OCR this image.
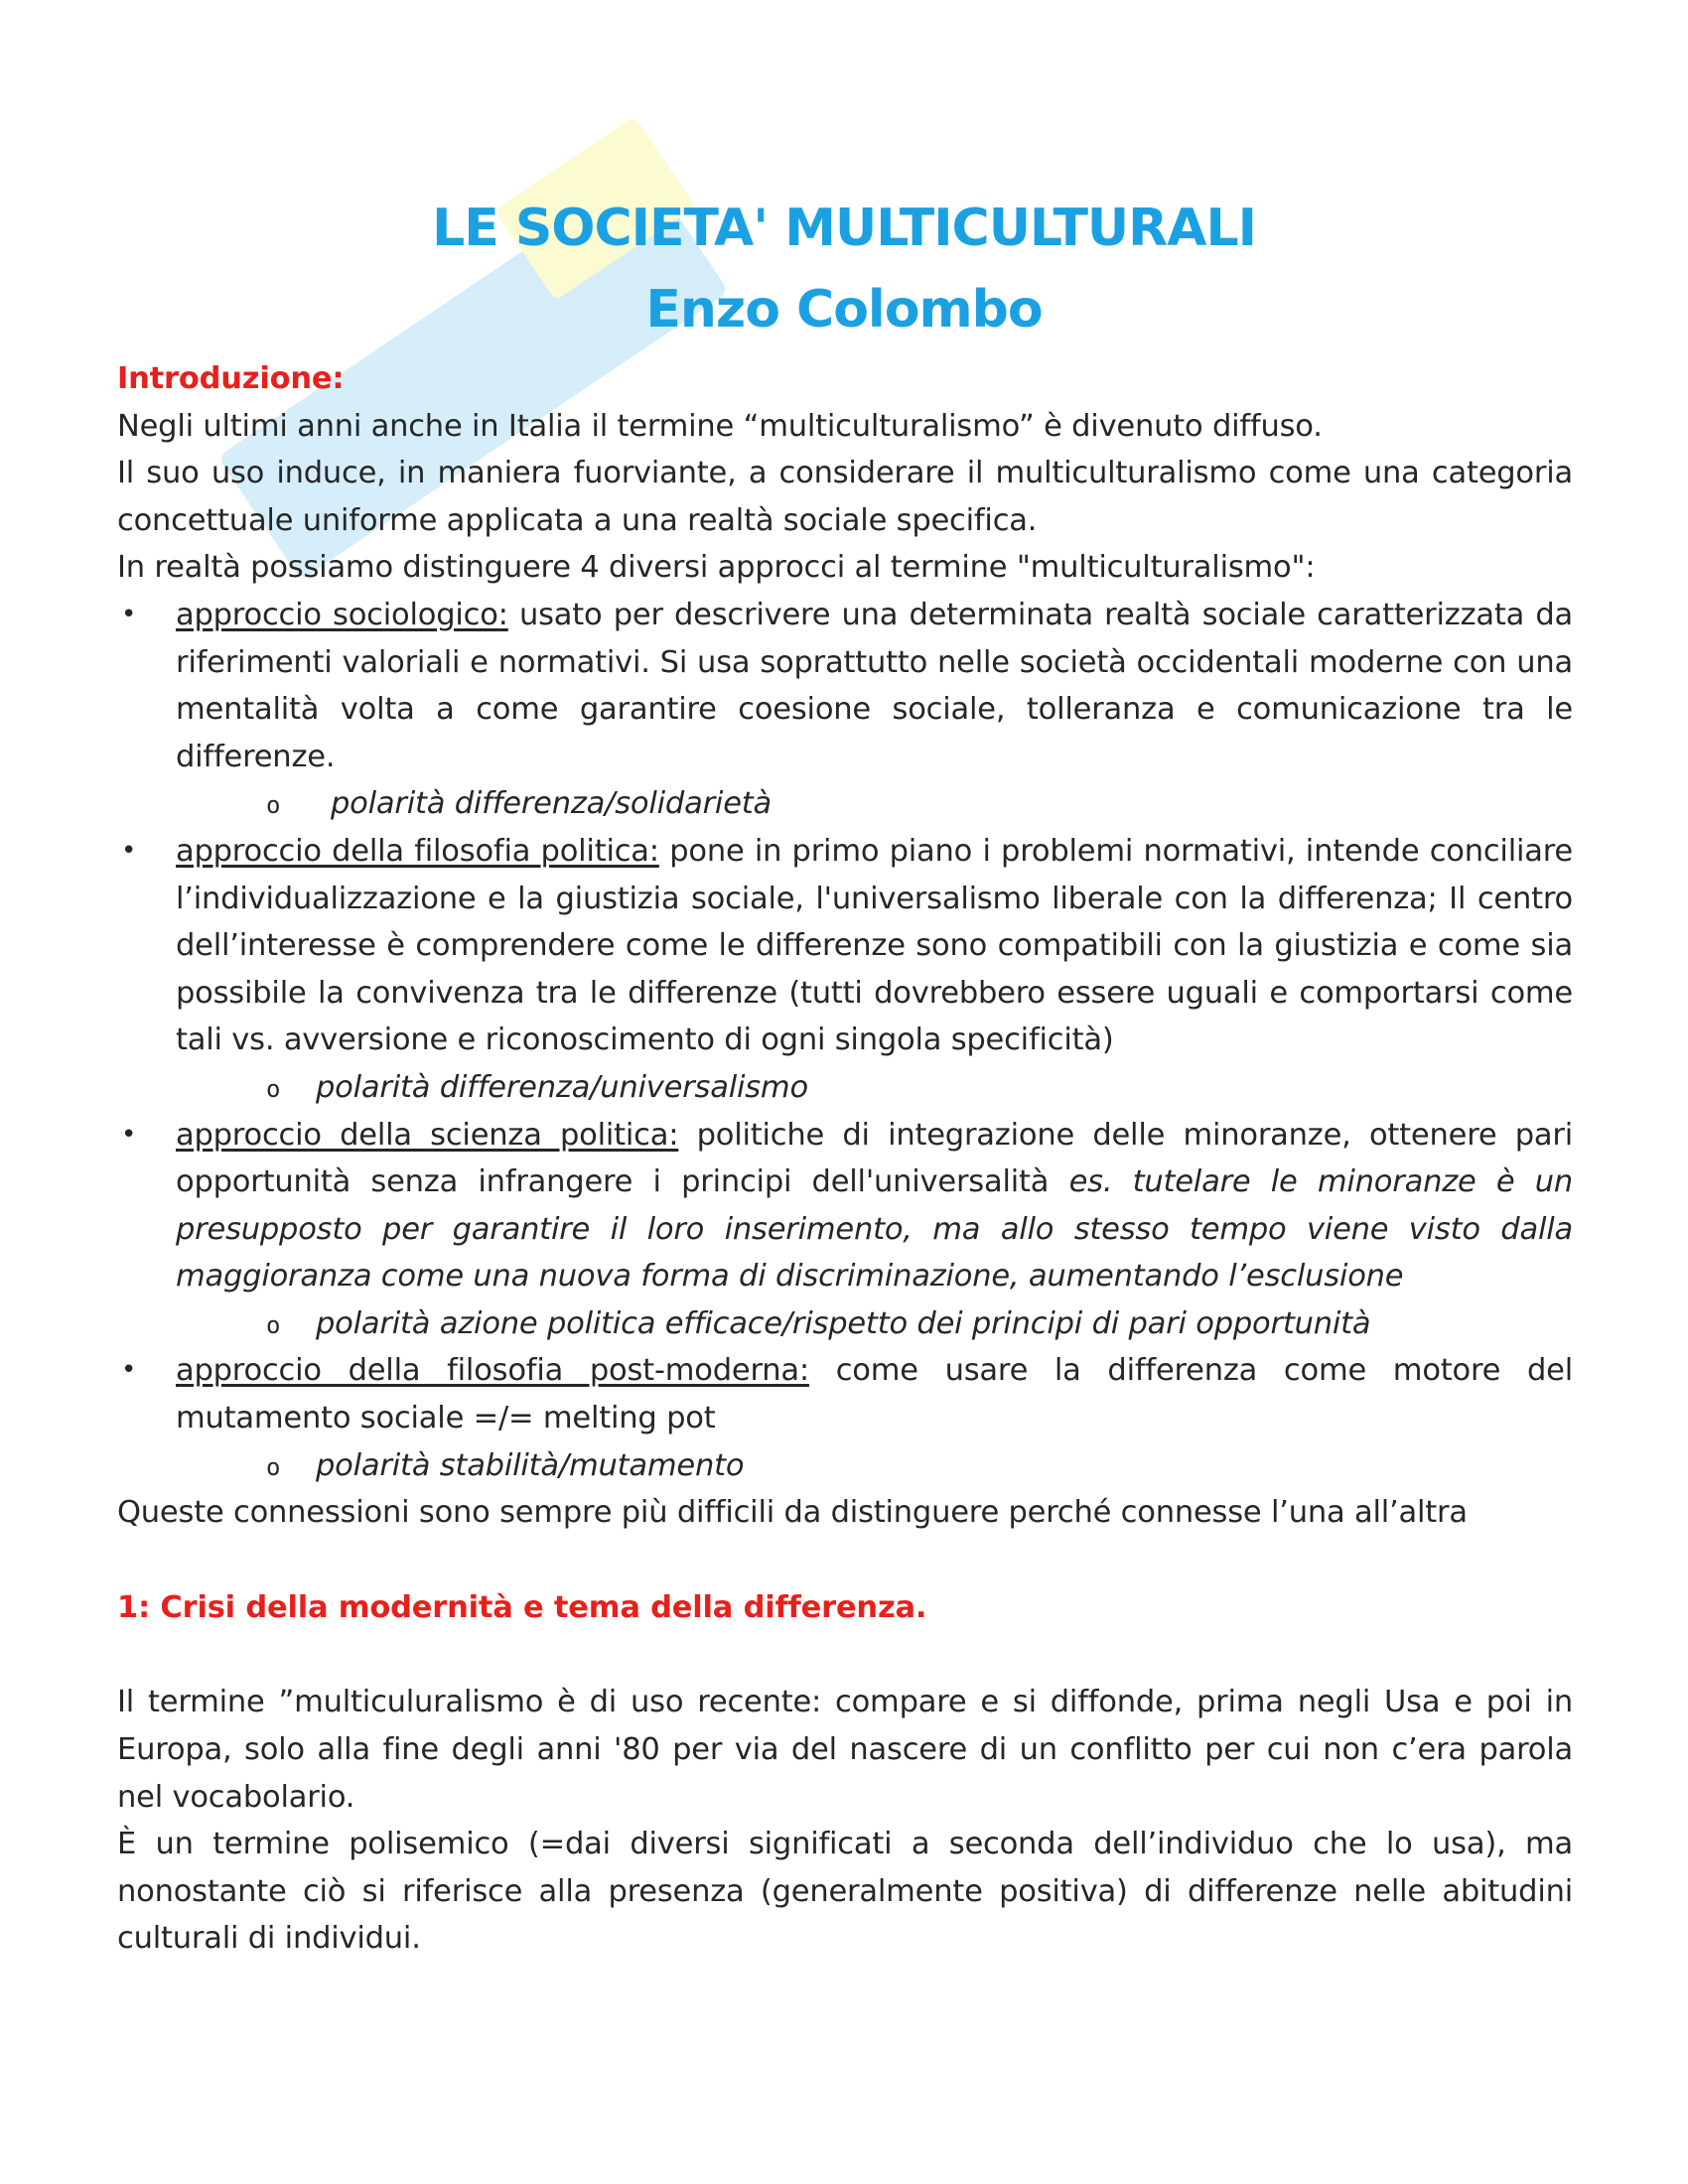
LE SOCIETA' MULTICULTURALI
Enzo Colombo

Introduzione:

Negli ultimi anni anche in Italia il termine “multiculturalismo” è divenuto diffuso.

Il suo uso induce, in maniera fuorviante, a considerare il multiculturalismo come una categoria concettuale uniforme applicata a una realtà sociale specifica.

In realtà possiamo distinguere 4 diversi approcci al termine "multiculturalismo":

• approccio sociologico: usato per descrivere una determinata realtà sociale caratterizzata da riferimenti valoriali e normativi. Si usa soprattutto nelle società occidentali moderne con una mentalità volta a come garantire coesione sociale, tolleranza e comunicazione tra le differenze.

o polarità differenza/solidarietà

• approccio della filosofia politica: pone in primo piano i problemi normativi, intende conciliare l’individualizzazione e la giustizia sociale, l'universalismo liberale con la differenza; Il centro dell’interesse è comprendere come le differenze sono compatibili con la giustizia e come sia possibile la convivenza tra le differenze (tutti dovrebbero essere uguali e comportarsi come tali vs. avversione e riconoscimento di ogni singola specificità)

o polarità differenza/universalismo

• approccio della scienza politica: politiche di integrazione delle minoranze, ottenere pari opportunità senza infrangere i principi dell'universalità es. tutelare le minoranze è un presupposto per garantire il loro inserimento, ma allo stesso tempo viene visto dalla maggioranza come una nuova forma di discriminazione, aumentando l’esclusione

o polarità azione politica efficace/rispetto dei principi di pari opportunità

• approccio della filosofia post-moderna: come usare la differenza come motore del mutamento sociale =/= melting pot

o polarità stabilità/mutamento

Queste connessioni sono sempre più difficili da distinguere perché connesse l’una all’altra

1: Crisi della modernità e tema della differenza.

Il termine ”multiculuralismo è di uso recente: compare e si diffonde, prima negli Usa e poi in Europa, solo alla fine degli anni '80 per via del nascere di un conflitto per cui non c’era parola nel vocabolario.

È un termine polisemico (=dai diversi significati a seconda dell’individuo che lo usa), ma nonostante ciò si riferisce alla presenza (generalmente positiva) di differenze nelle abitudini culturali di individui.
